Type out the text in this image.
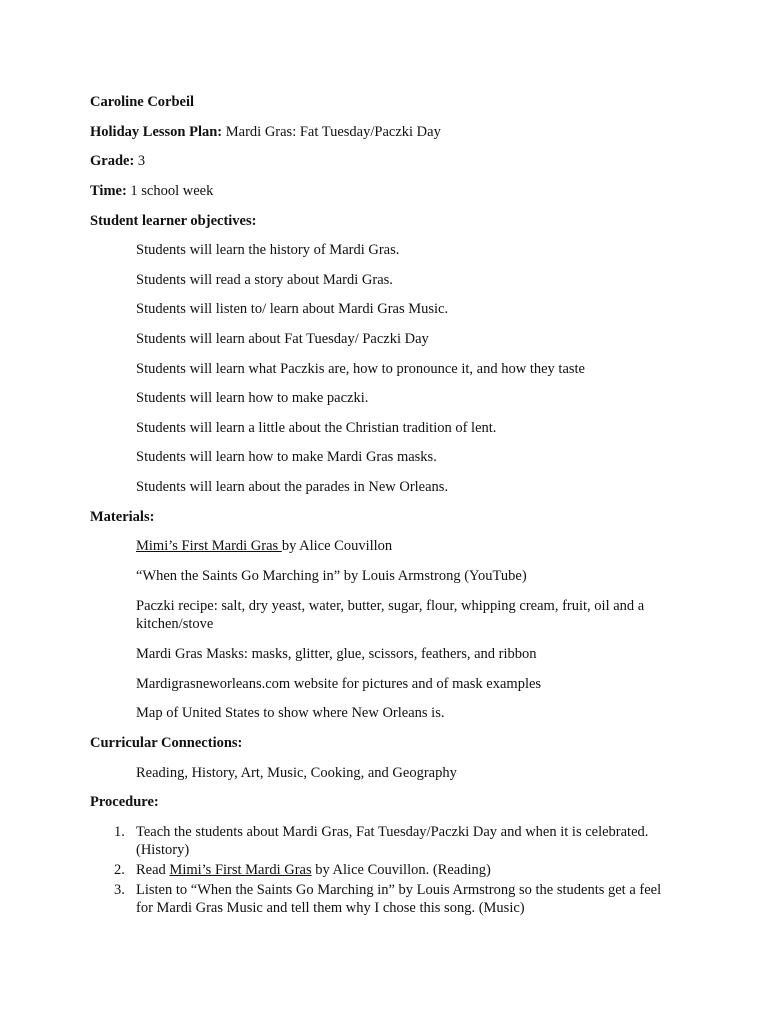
Caroline Corbeil
Holiday Lesson Plan: Mardi Gras: Fat Tuesday/Paczki Day
Grade: 3
Time: 1 school week
Student learner objectives:
Students will learn the history of Mardi Gras.
Students will read a story about Mardi Gras.
Students will listen to/ learn about Mardi Gras Music.
Students will learn about Fat Tuesday/ Paczki Day
Students will learn what Paczkis are, how to pronounce it, and how they taste
Students will learn how to make paczki.
Students will learn a little about the Christian tradition of lent.
Students will learn how to make Mardi Gras masks.
Students will learn about the parades in New Orleans.
Materials:
Mimi’s First Mardi Gras by Alice Couvillon
“When the Saints Go Marching in” by Louis Armstrong (YouTube)
Paczki recipe: salt, dry yeast, water, butter, sugar, flour, whipping cream, fruit, oil and a kitchen/stove
Mardi Gras Masks: masks, glitter, glue, scissors, feathers, and ribbon
Mardigrasneworleans.com website for pictures and of mask examples
Map of United States to show where New Orleans is.
Curricular Connections:
Reading, History, Art, Music, Cooking, and Geography
Procedure:
1. Teach the students about Mardi Gras, Fat Tuesday/Paczki Day and when it is celebrated. (History)
2. Read Mimi’s First Mardi Gras by Alice Couvillon. (Reading)
3. Listen to “When the Saints Go Marching in” by Louis Armstrong so the students get a feel for Mardi Gras Music and tell them why I chose this song. (Music)
